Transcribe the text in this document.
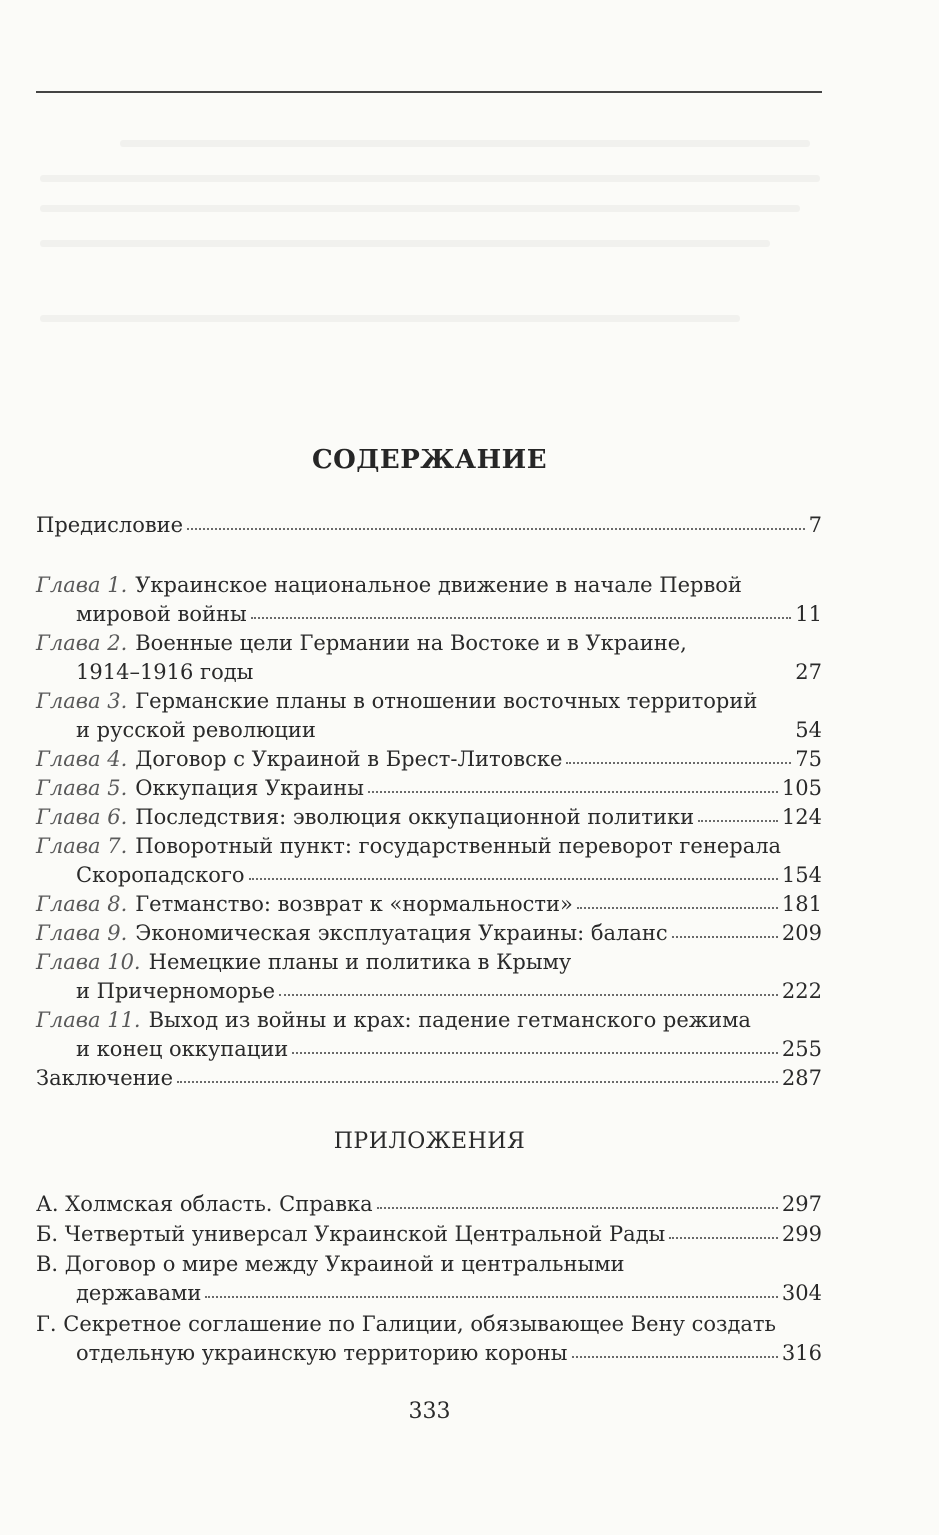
СОДЕРЖАНИЕ
Предисловие	7
Глава 1. Украинское национальное движение в начале Первой
мировой войны	11
Глава 2. Военные цели Германии на Востоке и в Украине,
1914–1916 годы	27
Глава 3. Германские планы в отношении восточных территорий
и русской революции	54
Глава 4. Договор с Украиной в Брест-Литовске	75
Глава 5. Оккупация Украины	105
Глава 6. Последствия: эволюция оккупационной политики	124
Глава 7. Поворотный пункт: государственный переворот генерала
Скоропадского	154
Глава 8. Гетманство: возврат к «нормальности»	181
Глава 9. Экономическая эксплуатация Украины: баланс	209
Глава 10. Немецкие планы и политика в Крыму
и Причерноморье	222
Глава 11. Выход из войны и крах: падение гетманского режима
и конец оккупации	255
Заключение	287
А. Холмская область. Справка	297
Б. Четвертый универсал Украинской Центральной Рады	299
В. Договор о мире между Украиной и центральными
державами	304
Г. Секретное соглашение по Галиции, обязывающее Вену создать
отдельную украинскую территорию короны	316
ПРИЛОЖЕНИЯ
333
